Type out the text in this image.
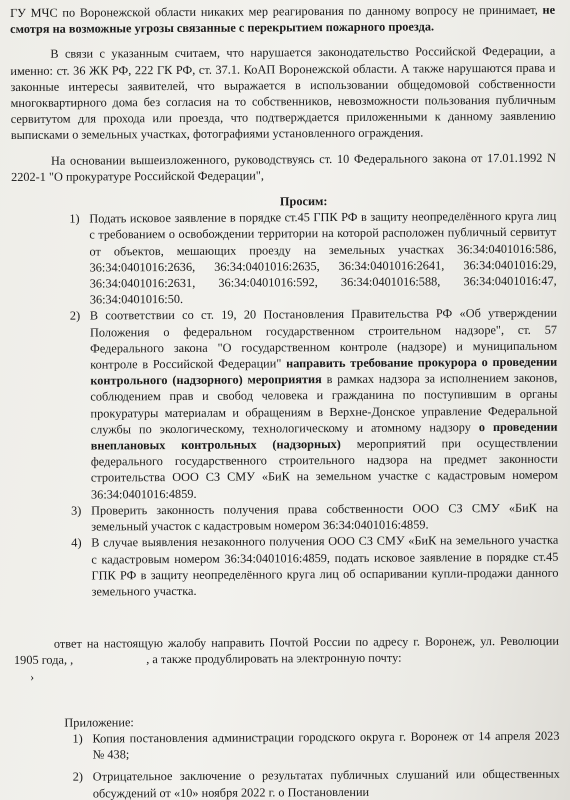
ГУ МЧС по Воронежской области никаких мер реагирования по данному вопросу не принимает, не смотря на возможные угрозы связанные с перекрытием пожарного проезда.

В связи с указанным считаем, что нарушается законодательство Российской Федерации, а именно: ст. 36 ЖК РФ, 222 ГК РФ, ст. 37.1. КоАП Воронежской области. А также нарушаются права и законные интересы заявителей, что выражается в использовании общедомовой собственности многоквартирного дома без согласия на то собственников, невозможности пользования публичным сервитутом для прохода или проезда, что подтверждается приложенными к данному заявлению выписками о земельных участках, фотографиями установленного ограждения.

На основании вышеизложенного, руководствуясь ст. 10 Федерального закона от 17.01.1992 N 2202-1 "О прокуратуре Российской Федерации",

Просим:
1) Подать исковое заявление в порядке ст.45 ГПК РФ в защиту неопределённого круга лиц с требованием о освобождении территории на которой расположен публичный сервитут от объектов, мешающих проезду на земельных участках 36:34:0401016:586, 36:34:0401016:2636, 36:34:0401016:2635, 36:34:0401016:2641, 36:34:0401016:29, 36:34:0401016:2631, 36:34:0401016:592, 36:34:0401016:588, 36:34:0401016:47, 36:34:0401016:50.
2) В соответствии со ст. 19, 20 Постановления Правительства РФ «Об утверждении Положения о федеральном государственном строительном надзоре", ст. 57 Федерального закона "О государственном контроле (надзоре) и муниципальном контроле в Российской Федерации" направить требование прокурора о проведении контрольного (надзорного) мероприятия в рамках надзора за исполнением законов, соблюдением прав и свобод человека и гражданина по поступившим в органы прокуратуры материалам и обращениям в Верхне-Донское управление Федеральной службы по экологическому, технологическому и атомному надзору о проведении внеплановых контрольных (надзорных) мероприятий при осуществлении федерального государственного строительного надзора на предмет законности строительства ООО СЗ СМУ «БиК на земельном участке с кадастровым номером 36:34:0401016:4859.
3) Проверить законность получения права собственности ООО СЗ СМУ «БиК на земельный участок с кадастровым номером 36:34:0401016:4859.
4) В случае выявления незаконного получения ООО СЗ СМУ «БиК на земельного участка с кадастровым номером 36:34:0401016:4859, подать исковое заявление в порядке ст.45 ГПК РФ в защиту неопределённого круга лиц об оспаривании купли-продажи данного земельного участка.

ответ на настоящую жалобу направить Почтой России по адресу г. Воронеж, ул. Революции 1905 года, ,	, а также продублировать на электронную почту:

›
Приложение:
1) Копия постановления администрации городского округа г. Воронеж от 14 апреля 2023 № 438;
2) Отрицательное заключение о результатах публичных слушаний или общественных обсуждений от «10» ноября 2022 г. о Постановлении
